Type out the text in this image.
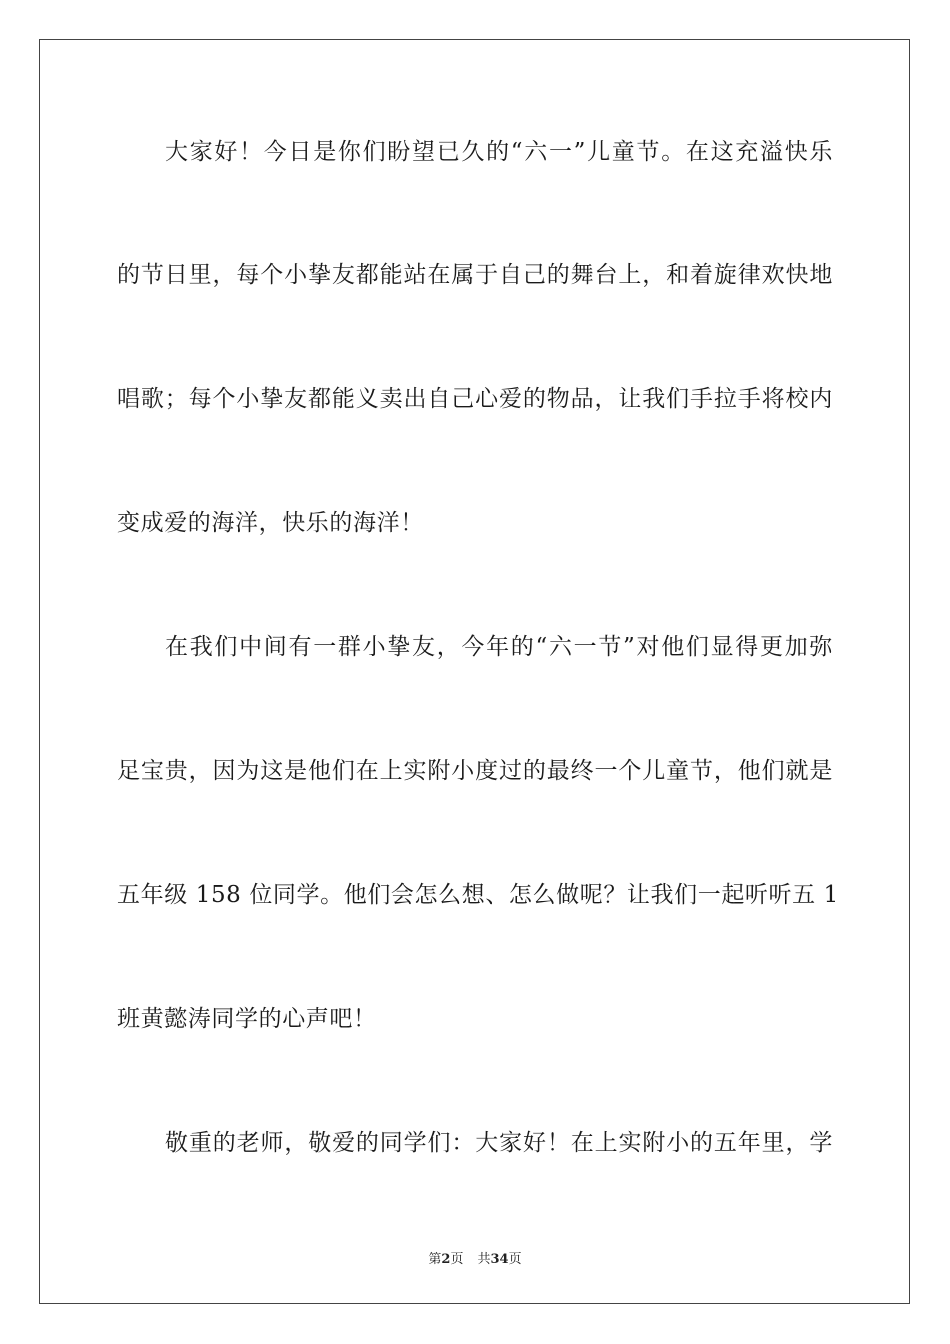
大家好！今日是你们盼望已久的“六一”儿童节。在这充溢快乐
的节日里，每个小挚友都能站在属于自己的舞台上，和着旋律欢快地
唱歌；每个小挚友都能义卖出自己心爱的物品，让我们手拉手将校内
变成爱的海洋，快乐的海洋！
在我们中间有一群小挚友，今年的“六一节”对他们显得更加弥
足宝贵，因为这是他们在上实附小度过的最终一个儿童节，他们就是
五年级 158 位同学。他们会怎么想、怎么做呢？让我们一起听听五 1
班黄懿涛同学的心声吧！
敬重的老师，敬爱的同学们：大家好！在上实附小的五年里，学
第2页 共34页
